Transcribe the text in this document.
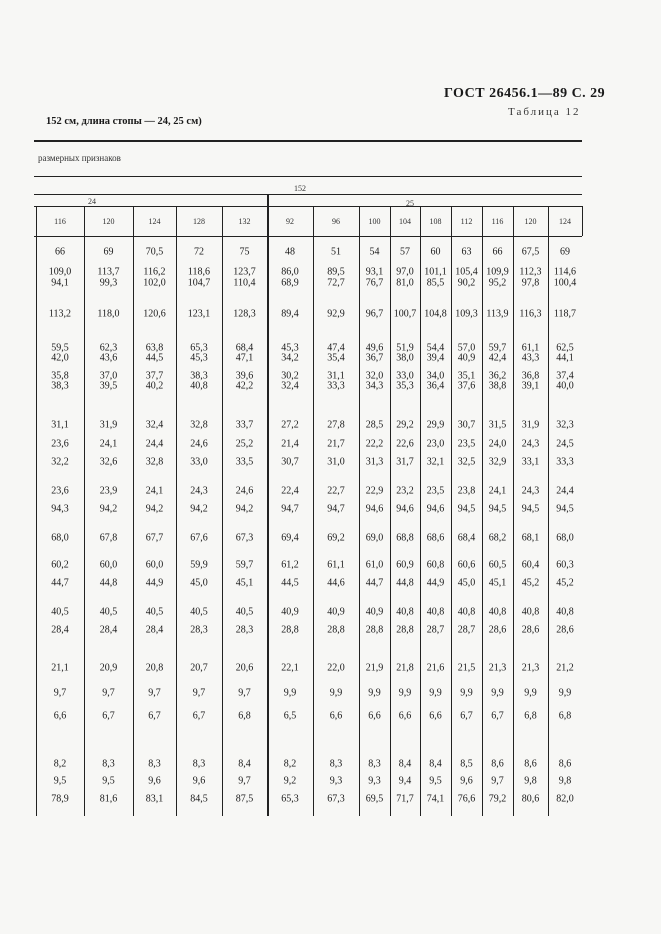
ГОСТ 26456.1—89 С. 29
Таблица 12
152 см, длина стопы — 24, 25 см)
размерных признаков
152
24	25
116	120	124	128	132	92	96	100 104 108 112 116	120	124
66	69	70,5	72	75	48	51	54 57 60 63 66 67,5 69
109,0	113,7 116,2 118,6 123,7	86,0	89,5 93,1 97,0 101,1 105,4 109,9 112,3 114,6
94,1	99,3	102,0 104,7 110,4	68,9	72,7 76,7 81,0 85,5 90,2 95,2 97,8 100,4
113,2	118,0 120,6 123,1 128,3	89,4	92,9 96,7 100,7 104,8 109,3 113,9 116,3 118,7
59,5	62,3	63,8	65,3	68,4	45,3	47,4 49,6 51,9 54,4 57,0 59,7 61,1 62,5
42,0	43,6	44,5	45,3	47,1	34,2	35,4 36,7 38,0 39,4 40,9 42,4 43,3 44,1
35,8	37,0	37,7	38,3	39,6	30,2	31,1 32,0 33,0 34,0 35,1 36,2 36,8 37,4
38,3	39,5	40,2	40,8	42,2	32,4	33,3 34,3 35,3 36,4 37,6 38,8 39,1 40,0
31,1	31,9	32,4	32,8	33,7	27,2	27,8 28,5 29,2 29,9 30,7 31,5 31,9 32,3
23,6	24,1	24,4	24,6	25,2	21,4	21,7 22,2 22,6 23,0 23,5 24,0 24,3 24,5
32,2	32,6	32,8	33,0	33,5	30,7	31,0 31,3 31,7 32,1 32,5 32,9 33,1 33,3
23,6	23,9	24,1	24,3	24,6	22,4	22,7 22,9 23,2 23,5 23,8 24,1 24,3 24,4
94,3	94,2	94,2	94,2	94,2	94,7	94,7 94,6 94,6 94,6 94,5 94,5 94,5 94,5
68,0	67,8	67,7	67,6	67,3	69,4	69,2 69,0 68,8 68,6 68,4 68,2 68,1 68,0
60,2	60,0	60,0	59,9	59,7	61,2	61,1 61,0 60,9 60,8 60,6 60,5 60,4 60,3
44,7	44,8	44,9	45,0	45,1	44,5	44,6 44,7 44,8 44,9 45,0 45,1 45,2 45,2
40,5	40,5	40,5	40,5	40,5	40,9	40,9 40,9 40,8 40,8 40,8 40,8 40,8 40,8
28,4	28,4	28,4	28,3	28,3	28,8	28,8 28,8 28,8 28,7 28,7 28,6 28,6 28,6
21,1	20,9	20,8	20,7	20,6	22,1	22,0 21,9 21,8 21,6 21,5 21,3 21,3 21,2
9,7	9,7	9,7	9,7	9,7	9,9	9,9	9,9 9,9 9,9 9,9 9,9 9,9 9,9
6,6	6,7	6,7	6,7	6,8	6,5	6,6	6,6 6,6 6,6 6,7 6,7 6,8 6,8
8,2	8,3	8,3	8,3	8,4	8,2	8,3	8,3 8,4 8,4 8,5 8,6 8,6 8,6
9,5	9,5	9,6	9,6	9,7	9,2	9,3	9,3 9,4 9,5 9,6 9,7 9,8 9,8
78,9	81,6	83,1	84,5	87,5	65,3	67,3 69,5 71,7 74,1 76,6 79,2 80,6 82,0
